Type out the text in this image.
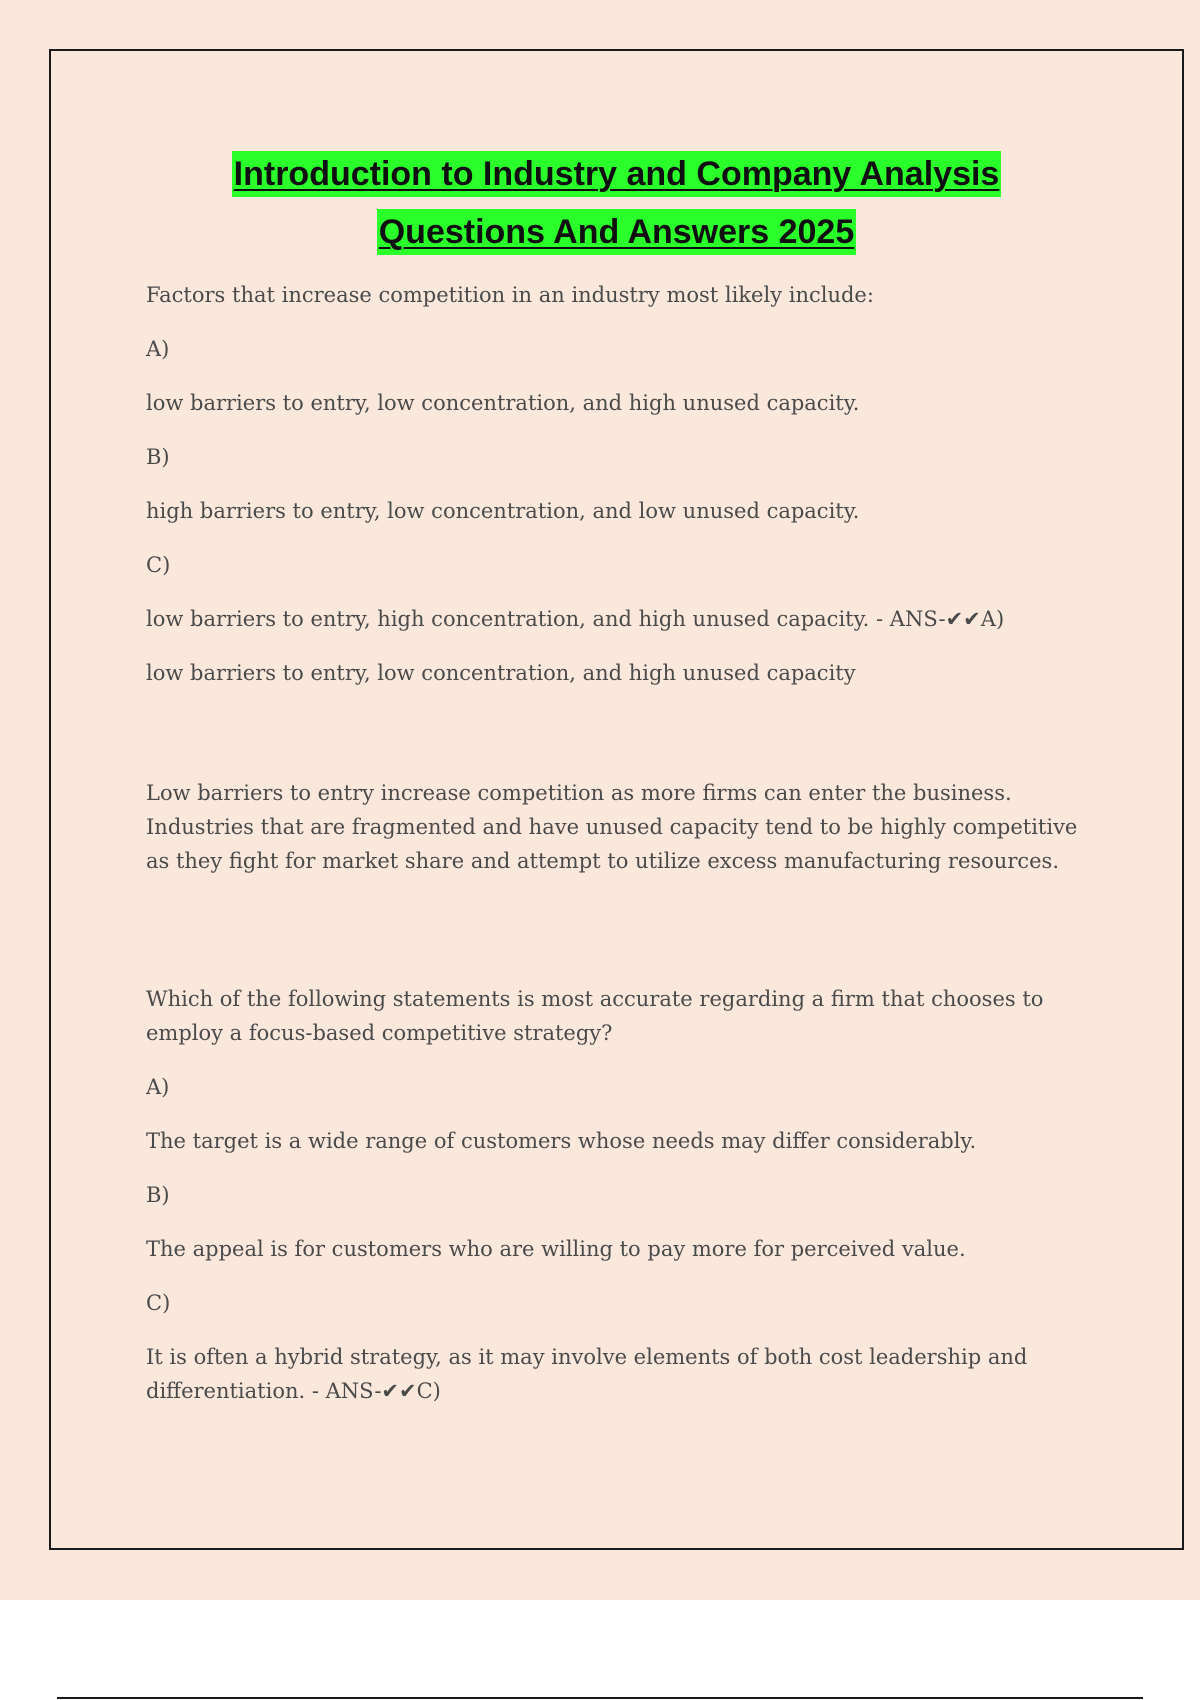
Introduction to Industry and Company Analysis
Questions And Answers 2025
Factors that increase competition in an industry most likely include:
A)
low barriers to entry, low concentration, and high unused capacity.
B)
high barriers to entry, low concentration, and low unused capacity.
C)
low barriers to entry, high concentration, and high unused capacity. - ANS-✔✔A)
low barriers to entry, low concentration, and high unused capacity
Low barriers to entry increase competition as more firms can enter the business. Industries that are fragmented and have unused capacity tend to be highly competitive as they fight for market share and attempt to utilize excess manufacturing resources.
Which of the following statements is most accurate regarding a firm that chooses to employ a focus-based competitive strategy?
A)
The target is a wide range of customers whose needs may differ considerably.
B)
The appeal is for customers who are willing to pay more for perceived value.
C)
It is often a hybrid strategy, as it may involve elements of both cost leadership and differentiation. - ANS-✔✔C)
